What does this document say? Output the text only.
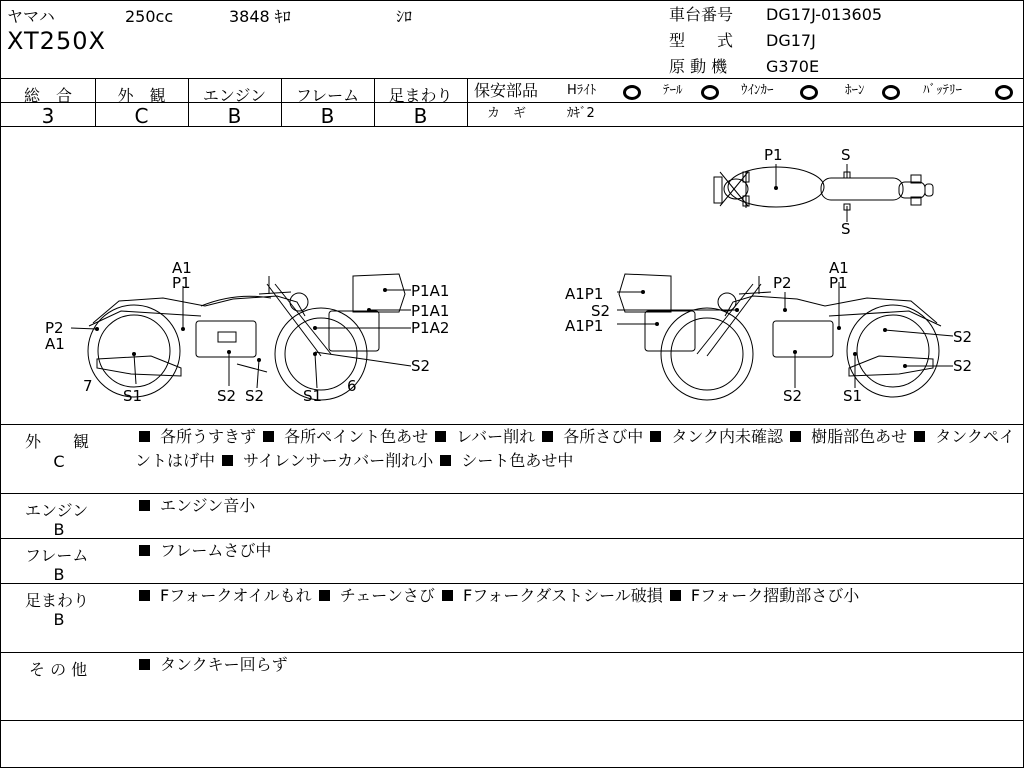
ヤマハ	250cc	3848 ｷﾛ	ｼﾛ
XT250X
車台番号 DG17J-013605
型　　式 DG17J
原 動 機 G370E
総　合
3
外　観
C
エンジン
B
フレーム
B
足まわり
B
保安部品 Hﾗｲﾄ	ﾃｰﾙ	ｳｲﾝｶｰ	ﾎｰﾝ	ﾊﾞｯﾃﾘｰ
カ　ギ	ｶｷﾞ2
P1	S
S
A1
P1
P2
A1
7
S1	S2 S2	S1
6
S2
P1A1
P1A1
P1A2
A1P1
S2
A1P1
P2
A1
P1
S2
S2
S2	S1
外　　観
C
各所うすきず 各所ペイント色あせ レバー削れ 各所さび中 タンク内未確認 樹脂部色あせ タンクペイントはげ中 サイレンサーカバー削れ小 シート色あせ中
エンジン
B
エンジン音小
フレーム
B
フレームさび中
足まわり
B
Fフォークオイルもれ チェーンさび Fフォークダストシール破損 Fフォーク摺動部さび小
そ の 他	タンクキー回らず
